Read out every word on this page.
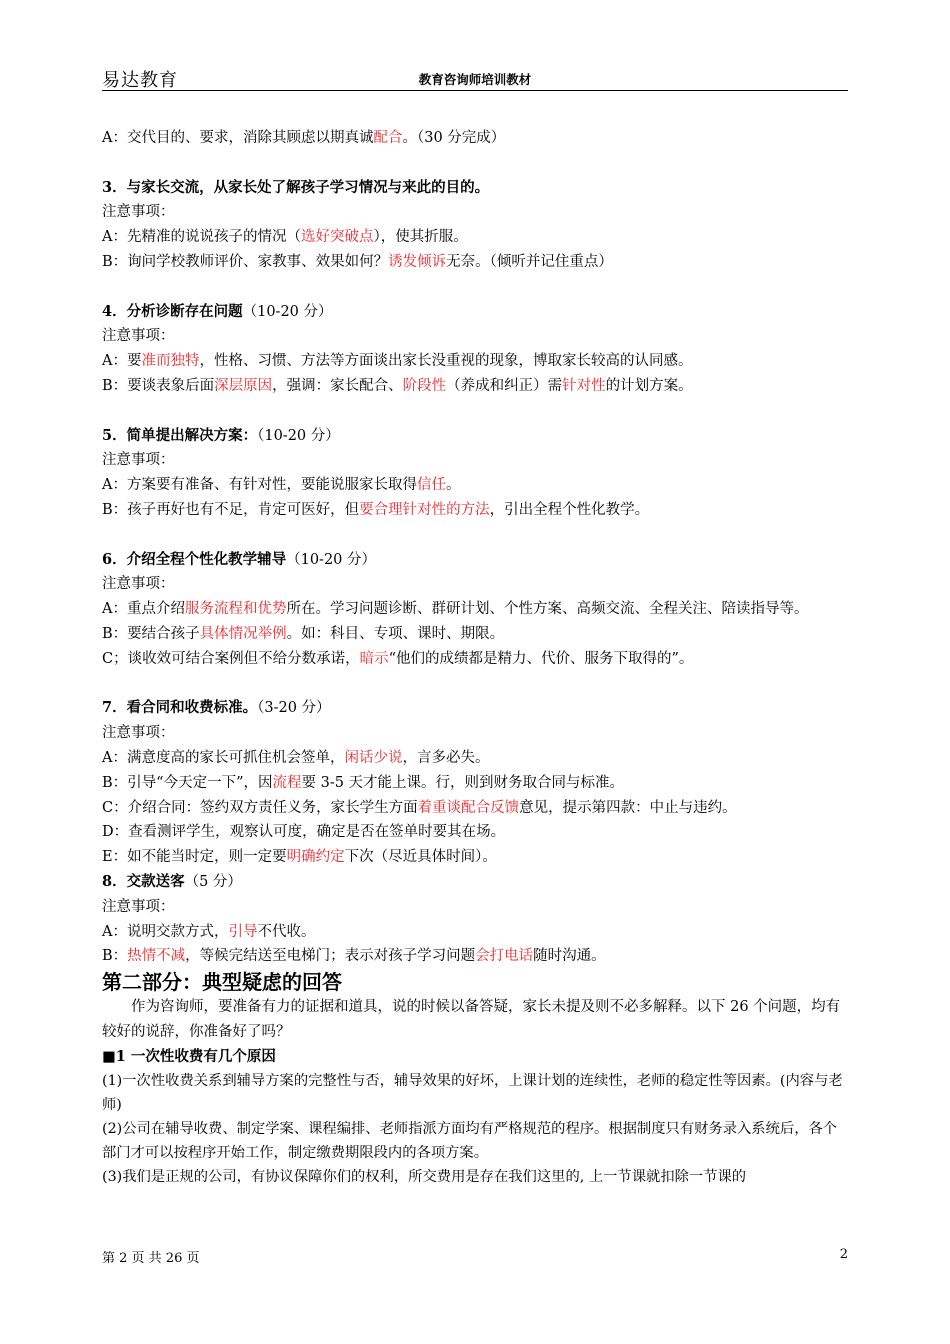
易达教育	教育咨询师培训教材
A：交代目的、要求，消除其顾虑以期真诚配合。（30 分完成）
3．与家长交流，从家长处了解孩子学习情况与来此的目的。
注意事项：
A：先精准的说说孩子的情况（选好突破点），使其折服。
B：询问学校教师评价、家教事、效果如何？诱发倾诉无奈。（倾听并记住重点）
4．分析诊断存在问题（10-20 分）
注意事项：
A：要准而独特，性格、习惯、方法等方面谈出家长没重视的现象，博取家长较高的认同感。
B：要谈表象后面深层原因，强调：家长配合、阶段性（养成和纠正）需针对性的计划方案。
5．简单提出解决方案：（10-20 分）
注意事项：
A：方案要有准备、有针对性，要能说服家长取得信任。
B：孩子再好也有不足，肯定可医好，但要合理针对性的方法，引出全程个性化教学。
6．介绍全程个性化教学辅导（10-20 分）
注意事项：
A：重点介绍服务流程和优势所在。学习问题诊断、群研计划、个性方案、高频交流、全程关注、陪读指导等。
B：要结合孩子具体情况举例。如：科目、专项、课时、期限。
C；谈收效可结合案例但不给分数承诺，暗示“他们的成绩都是精力、代价、服务下取得的”。
7．看合同和收费标准。（3-20 分）
注意事项：
A：满意度高的家长可抓住机会签单，闲话少说，言多必失。
B：引导“今天定一下”，因流程要 3-5 天才能上课。行，则到财务取合同与标准。
C：介绍合同：签约双方责任义务，家长学生方面着重谈配合反馈意见，提示第四款：中止与违约。
D：查看测评学生，观察认可度，确定是否在签单时要其在场。
E：如不能当时定，则一定要明确约定下次（尽近具体时间）。
8．交款送客（5 分）
注意事项：
A：说明交款方式，引导不代收。
B：热情不减，等候完结送至电梯门；表示对孩子学习问题会打电话随时沟通。
第二部分：典型疑虑的回答
作为咨询师，要准备有力的证据和道具，说的时候以备答疑，家长未提及则不必多解释。以下 26 个问题，均有较好的说辞，你准备好了吗？
■1 一次性收费有几个原因
(1)一次性收费关系到辅导方案的完整性与否，辅导效果的好坏，上课计划的连续性，老师的稳定性等因素。(内容与老师)
(2)公司在辅导收费、制定学案、课程编排、老师指派方面均有严格规范的程序。根据制度只有财务录入系统后，各个部门才可以按程序开始工作，制定缴费期限段内的各项方案。
(3)我们是正规的公司，有协议保障你们的权利，所交费用是存在我们这里的, 上一节课就扣除一节课的
第 2 页 共 26 页	2
